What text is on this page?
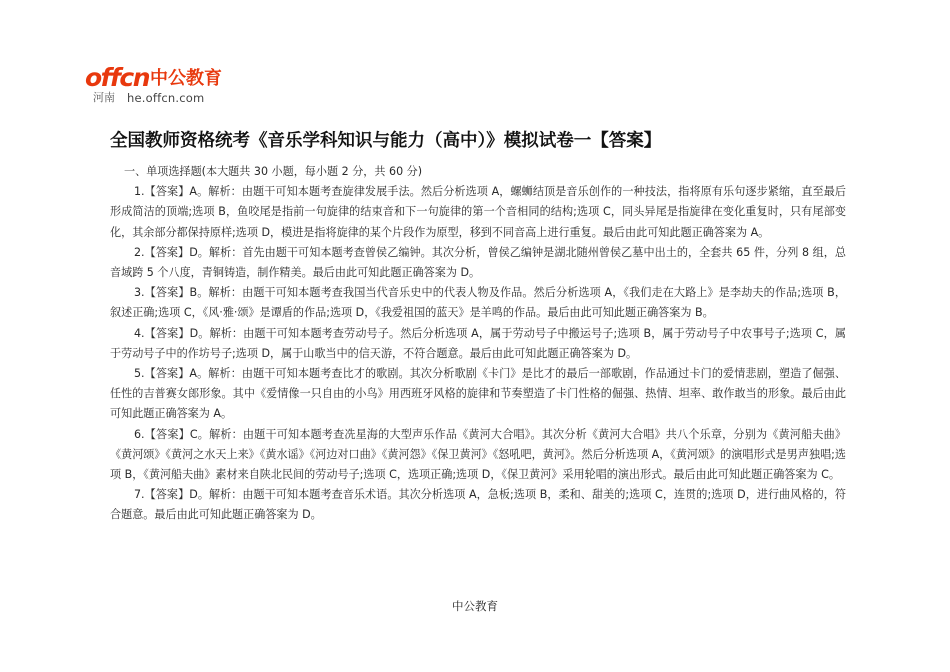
offcn 中公教育
河南 he.offcn.com
全国教师资格统考《音乐学科知识与能力（高中）》模拟试卷一【答案】

一、单项选择题(本大题共 30 小题，每小题 2 分，共 60 分)

1.【答案】A。解析：由题干可知本题考查旋律发展手法。然后分析选项 A，螺蛳结顶是音乐创作的一种技法，指将原有乐句逐步紧缩，直至最后形成简洁的顶端;选项 B，鱼咬尾是指前一句旋律的结束音和下一句旋律的第一个音相同的结构;选项 C，同头异尾是指旋律在变化重复时，只有尾部变化，其余部分都保持原样;选项 D，模进是指将旋律的某个片段作为原型，移到不同音高上进行重复。最后由此可知此题正确答案为 A。

2.【答案】D。解析：首先由题干可知本题考查曾侯乙编钟。其次分析，曾侯乙编钟是湖北随州曾侯乙墓中出土的，全套共 65 件，分列 8 组，总音域跨 5 个八度，青铜铸造，制作精美。最后由此可知此题正确答案为 D。

3.【答案】B。解析：由题干可知本题考查我国当代音乐史中的代表人物及作品。然后分析选项 A，《我们走在大路上》是李劫夫的作品;选项 B，叙述正确;选项 C，《风·雅·颂》是谭盾的作品;选项 D，《我爱祖国的蓝天》是羊鸣的作品。最后由此可知此题正确答案为 B。

4.【答案】D。解析：由题干可知本题考查劳动号子。然后分析选项 A，属于劳动号子中搬运号子;选项 B，属于劳动号子中农事号子;选项 C，属于劳动号子中的作坊号子;选项 D，属于山歌当中的信天游，不符合题意。最后由此可知此题正确答案为 D。

5.【答案】A。解析：由题干可知本题考查比才的歌剧。其次分析歌剧《卡门》是比才的最后一部歌剧，作品通过卡门的爱情悲剧，塑造了倔强、任性的吉普赛女郎形象。其中《爱情像一只自由的小鸟》用西班牙风格的旋律和节奏塑造了卡门性格的倔强、热情、坦率、敢作敢当的形象。最后由此可知此题正确答案为 A。

6.【答案】C。解析：由题干可知本题考查冼星海的大型声乐作品《黄河大合唱》。其次分析《黄河大合唱》共八个乐章，分别为《黄河船夫曲》《黄河颂》《黄河之水天上来》《黄水谣》《河边对口曲》《黄河怨》《保卫黄河》《怒吼吧，黄河》。然后分析选项 A，《黄河颂》的演唱形式是男声独唱;选项 B，《黄河船夫曲》素材来自陕北民间的劳动号子;选项 C，选项正确;选项 D，《保卫黄河》采用轮唱的演出形式。最后由此可知此题正确答案为 C。

7.【答案】D。解析：由题干可知本题考查音乐术语。其次分析选项 A，急板;选项 B，柔和、甜美的;选项 C，连贯的;选项 D，进行曲风格的，符合题意。最后由此可知此题正确答案为 D。

中公教育
